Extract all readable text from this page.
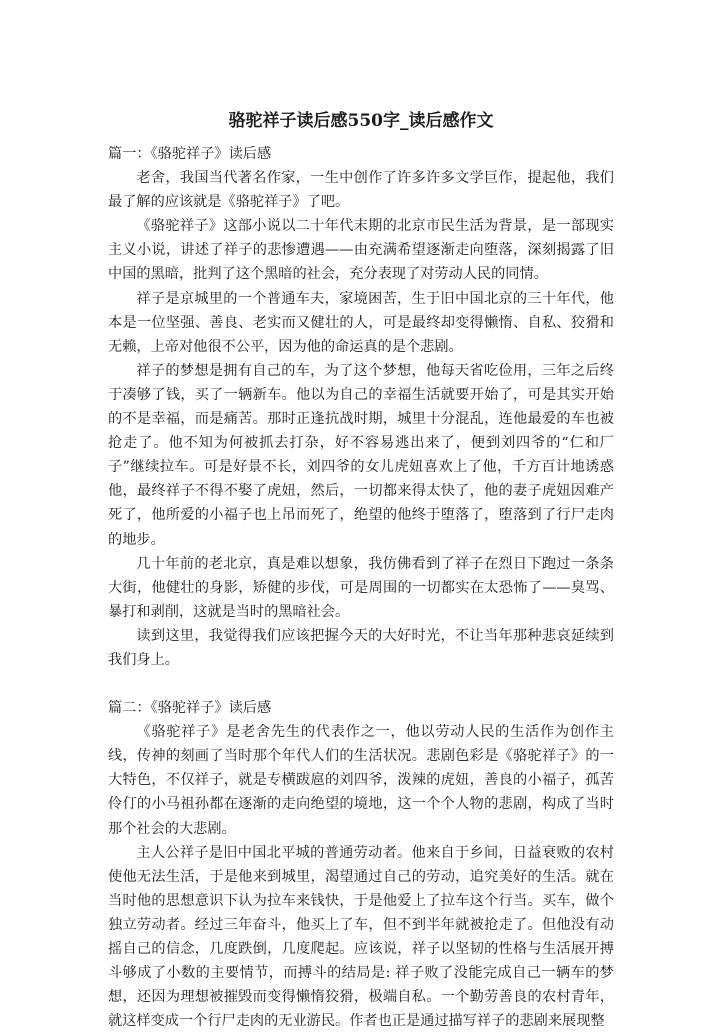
骆驼祥子读后感550字_读后感作文

篇一：《骆驼祥子》读后感

老舍，我国当代著名作家，一生中创作了许多许多文学巨作，提起他，我们最了解的应该就是《骆驼祥子》了吧。

《骆驼祥子》这部小说以二十年代末期的北京市民生活为背景，是一部现实主义小说，讲述了祥子的悲惨遭遇——由充满希望逐渐走向堕落，深刻揭露了旧中国的黑暗，批判了这个黑暗的社会，充分表现了对劳动人民的同情。

祥子是京城里的一个普通车夫，家境困苦，生于旧中国北京的三十年代，他本是一位坚强、善良、老实而又健壮的人，可是最终却变得懒惰、自私、狡猾和无赖，上帝对他很不公平，因为他的命运真的是个悲剧。

祥子的梦想是拥有自己的车，为了这个梦想，他每天省吃俭用，三年之后终于凑够了钱，买了一辆新车。他以为自己的幸福生活就要开始了，可是其实开始的不是幸福，而是痛苦。那时正逢抗战时期，城里十分混乱，连他最爱的车也被抢走了。他不知为何被抓去打杂，好不容易逃出来了，便到刘四爷的“仁和厂子”继续拉车。可是好景不长，刘四爷的女儿虎妞喜欢上了他，千方百计地诱惑他，最终祥子不得不娶了虎妞，然后，一切都来得太快了，他的妻子虎妞因难产死了，他所爱的小福子也上吊而死了，绝望的他终于堕落了，堕落到了行尸走肉的地步。

几十年前的老北京，真是难以想象，我仿佛看到了祥子在烈日下跑过一条条大街，他健壮的身影，矫健的步伐，可是周围的一切都实在太恐怖了——臭骂、暴打和剥削，这就是当时的黑暗社会。

读到这里，我觉得我们应该把握今天的大好时光，不让当年那种悲哀延续到我们身上。

篇二：《骆驼祥子》读后感

《骆驼祥子》是老舍先生的代表作之一，他以劳动人民的生活作为创作主线，传神的刻画了当时那个年代人们的生活状况。悲剧色彩是《骆驼祥子》的一大特色，不仅祥子，就是专横跋扈的刘四爷，泼辣的虎妞，善良的小福子，孤苦伶仃的小马祖孙都在逐渐的走向绝望的境地，这一个个人物的悲剧，构成了当时那个社会的大悲剧。

主人公祥子是旧中国北平城的普通劳动者。他来自于乡间，日益衰败的农村使他无法生活，于是他来到城里，渴望通过自己的劳动，追究美好的生活。就在当时他的思想意识下认为拉车来钱快，于是他爱上了拉车这个行当。买车，做个独立劳动者。经过三年奋斗，他买上了车，但不到半年就被抢走了。但他没有动摇自己的信念，几度跌倒，几度爬起。应该说，祥子以坚韧的性格与生活展开搏斗够成了小数的主要情节，而搏斗的结局是: 祥子败了没能完成自己一辆车的梦想，还因为理想被摧毁而变得懒惰狡猾，极端自私。一个勤劳善良的农村青年，就这样变成一个行尸走肉的无业游民。作者也正是通过描写祥子的悲剧来展现整
